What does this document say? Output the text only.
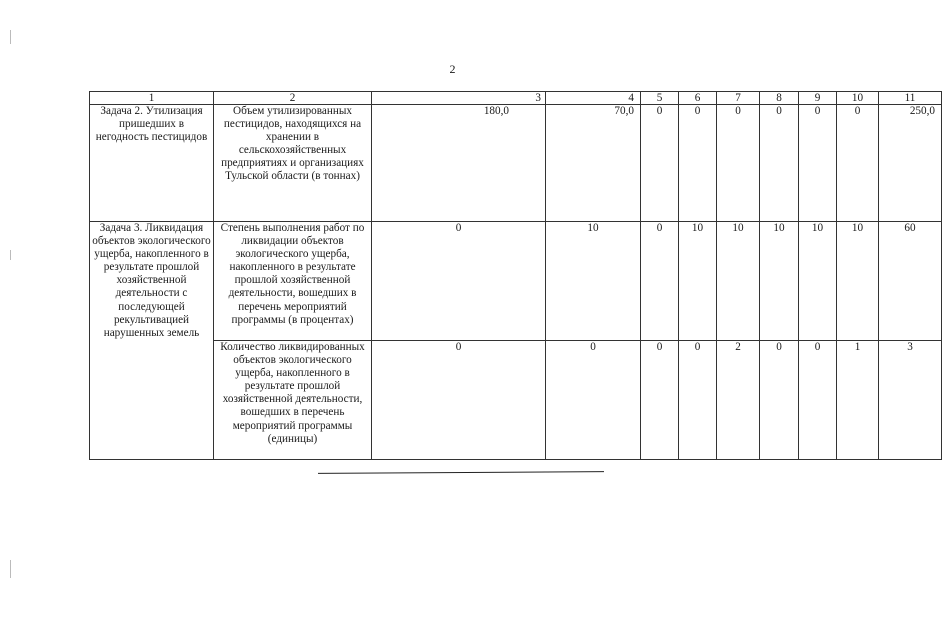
2
1	2	3	4	5	6	7	8	9	10	11
Задача 2. Утилизация пришедших в негодность пестицидов	Объем утилизированных пестицидов, находящихся на хранении в сельскохозяйственных предприятиях и организациях Тульской области (в тоннах)	180,0	70,0	0	0	0	0	0	0	250,0
Задача 3. Ликвидация объектов экологического ущерба, накопленного в результате прошлой хозяйственной деятельности с последующей рекультивацией нарушенных земель	Степень выполнения работ по ликвидации объектов экологического ущерба, накопленного в результате прошлой хозяйственной деятельности, вошедших в перечень мероприятий программы (в процентах)	0	10	0	10	10	10	10	10	60
	Количество ликвидированных объектов экологического ущерба, накопленного в результате прошлой хозяйственной деятельности, вошедших в перечень мероприятий программы (единицы)	0	0	0	0	2	0	0	1	3
